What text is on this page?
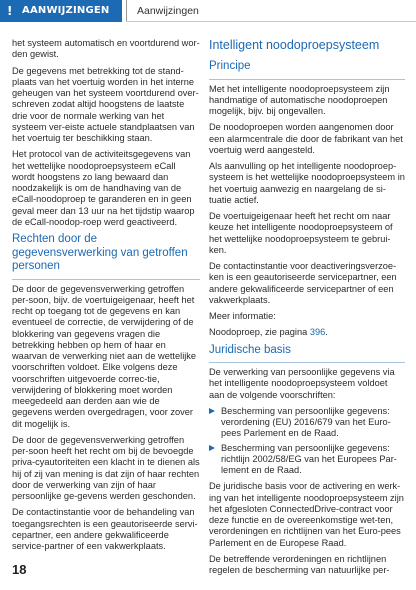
! AANWIJZINGEN	Aanwijzingen

het systeem automatisch en voortdurend wor-den gewist.

De gegevens met betrekking tot de stand-plaats van het voertuig worden in het interne geheugen van het systeem voortdurend over-schreven zodat altijd hoogstens de laatste drie voor de normale werking van het systeem ver-eiste actuele standplaatsen van het voertuig ter beschikking staan.

Het protocol van de activiteitsgegevens van het wettelijke noodoproepsysteem eCall wordt hoogstens zo lang bewaard dan noodzakelijk is om de handhaving van de eCall-noodoproep te garanderen en in geen geval meer dan 13 uur na het tijdstip waarop de eCall-noodop-roep werd geactiveerd.

Rechten door de gegevensverwerking van getroffen personen

De door de gegevensverwerking getroffen per-soon, bijv. de voertuigeigenaar, heeft het recht op toegang tot de gegevens en kan eventueel de correctie, de verwijdering of de blokkering van gegevens vragen die betrekking hebben op hem of haar en waarvan de verwerking niet aan de wettelijke voorschriften voldoet. Elke volgens deze voorschriften uitgevoerde correc-tie, verwijdering of blokkering moet worden meegedeeld aan derden aan wie de gegevens werden overgedragen, voor zover dit mogelijk is.

De door de gegevensverwerking getroffen per-soon heeft het recht om bij de bevoegde priva-cyautoriteiten een klacht in te dienen als hij of zij van mening is dat zijn of haar rechten door de verwerking van zijn of haar persoonlijke ge-gevens werden geschonden.

De contactinstantie voor de behandeling van toegangsrechten is een geautoriseerde servi-cepartner, een andere gekwalificeerde service-partner of een vakwerkplaats.

Intelligent noodoproepsysteem
Principe

Met het intelligente noodoproepsysteem zijn handmatige of automatische noodoproepen mogelijk, bijv. bij ongevallen.

De noodoproepen worden aangenomen door een alarmcentrale die door de fabrikant van het voertuig werd aangesteld.

Als aanvulling op het intelligente noodoproep-systeem is het wettelijke noodoproepsysteem in het voertuig aanwezig en naargelang de si-tuatie actief.

De voertuigeigenaar heeft het recht om naar keuze het intelligente noodoproepsysteem of het wettelijke noodoproepsysteem te gebrui-ken.

De contactinstantie voor deactiveringsverzoe-ken is een geautoriseerde servicepartner, een andere gekwalificeerde servicepartner of een vakwerkplaats.

Meer informatie:

Noodoproep, zie pagina 396.

Juridische basis

De verwerking van persoonlijke gegevens via het intelligente noodoproepsysteem voldoet aan de volgende voorschriften:

Bescherming van persoonlijke gegevens: verordening (EU) 2016/679 van het Euro-pees Parlement en de Raad.
Bescherming van persoonlijke gegevens: richtlijn 2002/58/EG van het Europees Par-lement en de Raad.

De juridische basis voor de activering en werk-ing van het intelligente noodoproepsysteem zijn het afgesloten ConnectedDrive-contract voor deze functie en de overeenkomstige wet-ten, verordeningen en richtlijnen van het Euro-pees Parlement en de Europese Raad.

De betreffende verordeningen en richtlijnen regelen de bescherming van natuurlijke per-

18
